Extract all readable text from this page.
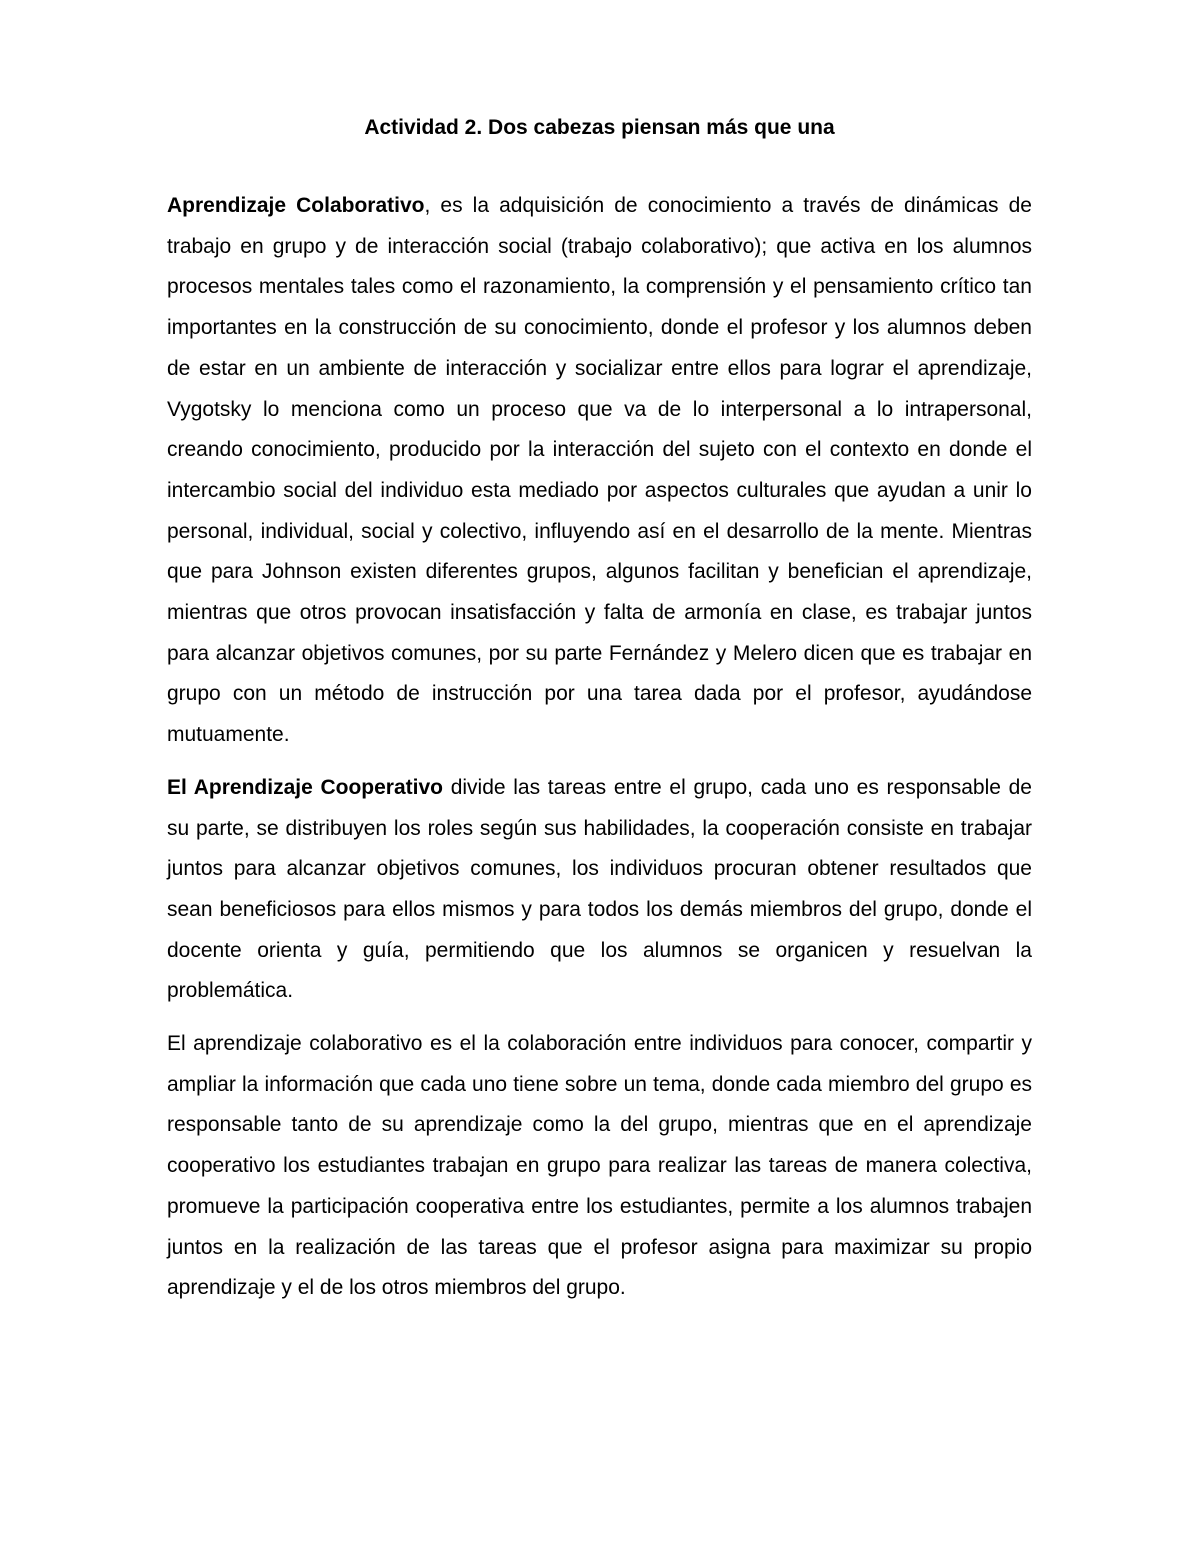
Actividad 2. Dos cabezas piensan más que una

Aprendizaje Colaborativo, es la adquisición de conocimiento a través de dinámicas de trabajo en grupo y de interacción social (trabajo colaborativo); que activa en los alumnos procesos mentales tales como el razonamiento, la comprensión y el pensamiento crítico tan importantes en la construcción de su conocimiento, donde el profesor y los alumnos deben de estar en un ambiente de interacción y socializar entre ellos para lograr el aprendizaje, Vygotsky lo menciona como un proceso que va de lo interpersonal a lo intrapersonal, creando conocimiento, producido por la interacción del sujeto con el contexto en donde el intercambio social del individuo esta mediado por aspectos culturales que ayudan a unir lo personal, individual, social y colectivo, influyendo así en el desarrollo de la mente. Mientras que para Johnson existen diferentes grupos, algunos facilitan y benefician el aprendizaje, mientras que otros provocan insatisfacción y falta de armonía en clase, es trabajar juntos para alcanzar objetivos comunes, por su parte Fernández y Melero dicen que es trabajar en grupo con un método de instrucción por una tarea dada por el profesor, ayudándose mutuamente.

El Aprendizaje Cooperativo divide las tareas entre el grupo, cada uno es responsable de su parte, se distribuyen los roles según sus habilidades, la cooperación consiste en trabajar juntos para alcanzar objetivos comunes, los individuos procuran obtener resultados que sean beneficiosos para ellos mismos y para todos los demás miembros del grupo, donde el docente orienta y guía, permitiendo que los alumnos se organicen y resuelvan la problemática.

El aprendizaje colaborativo es el la colaboración entre individuos para conocer, compartir y ampliar la información que cada uno tiene sobre un tema, donde cada miembro del grupo es responsable tanto de su aprendizaje como la del grupo, mientras que en el aprendizaje cooperativo los estudiantes trabajan en grupo para realizar las tareas de manera colectiva, promueve la participación cooperativa entre los estudiantes, permite a los alumnos trabajen juntos en la realización de las tareas que el profesor asigna para maximizar su propio aprendizaje y el de los otros miembros del grupo.
